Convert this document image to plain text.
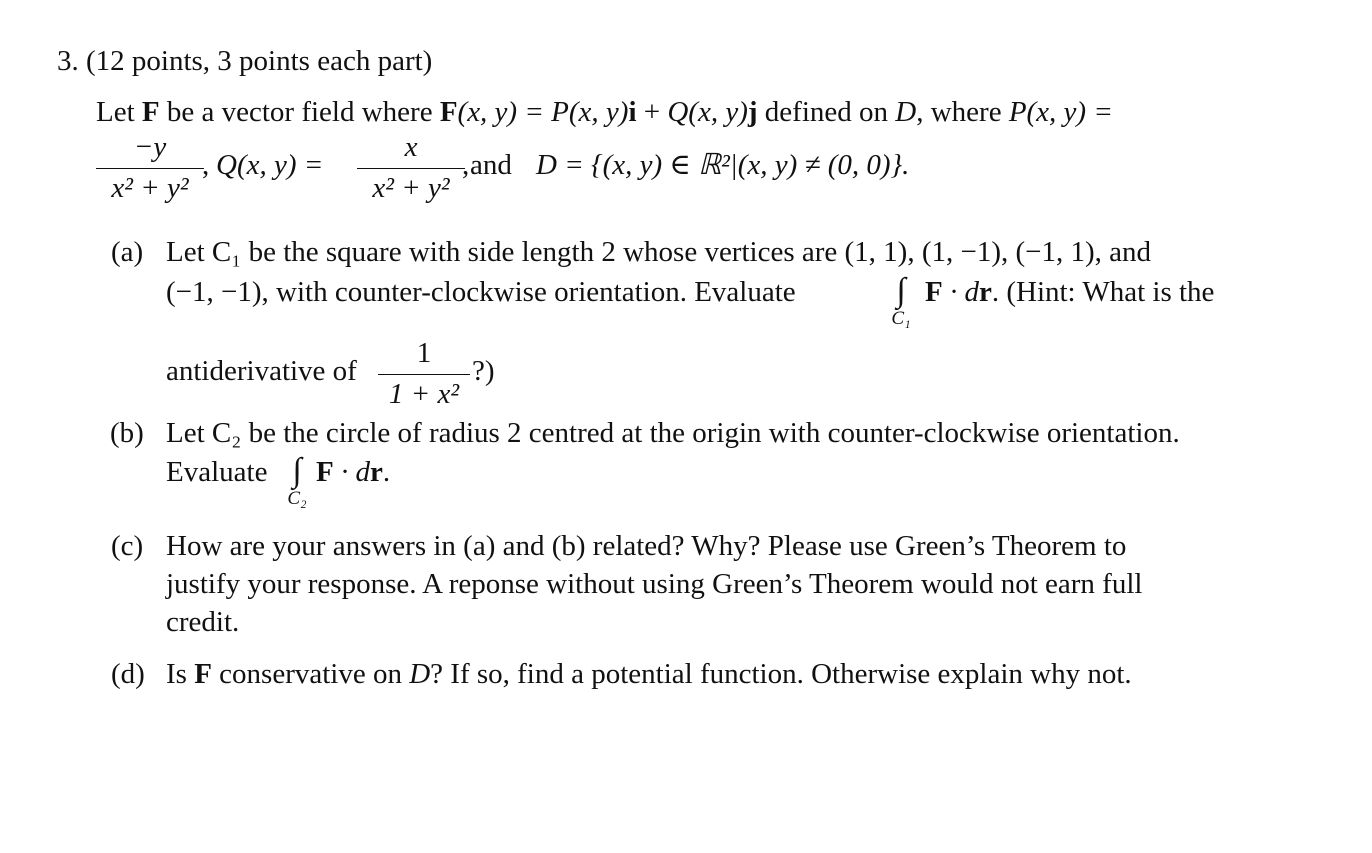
3. (12 points, 3 points each part)
Let F be a vector field where F(x, y) = P(x, y)i + Q(x, y)j defined on D, where P(x, y) =
−y
x² + y²
, Q(x, y) =
x
x² + y²
, and D = {(x, y) ∈ ℝ²|(x, y) ≠ (0, 0)}.
(a) Let C₁ be the square with side length 2 whose vertices are (1, 1), (1, −1), (−1, 1), and
(−1, −1), with counter-clockwise orientation. Evaluate	∫
C₁
F · dr. (Hint: What is the
antiderivative of
1
1 + x²
?)
(b) Let C₂ be the circle of radius 2 centred at the origin with counter-clockwise orientation.
Evaluate ∫
C₂
F · dr.
(c) How are your answers in (a) and (b) related? Why? Please use Green’s Theorem to
justify your response. A reponse without using Green’s Theorem would not earn full
credit.
(d) Is F conservative on D? If so, find a potential function. Otherwise explain why not.
